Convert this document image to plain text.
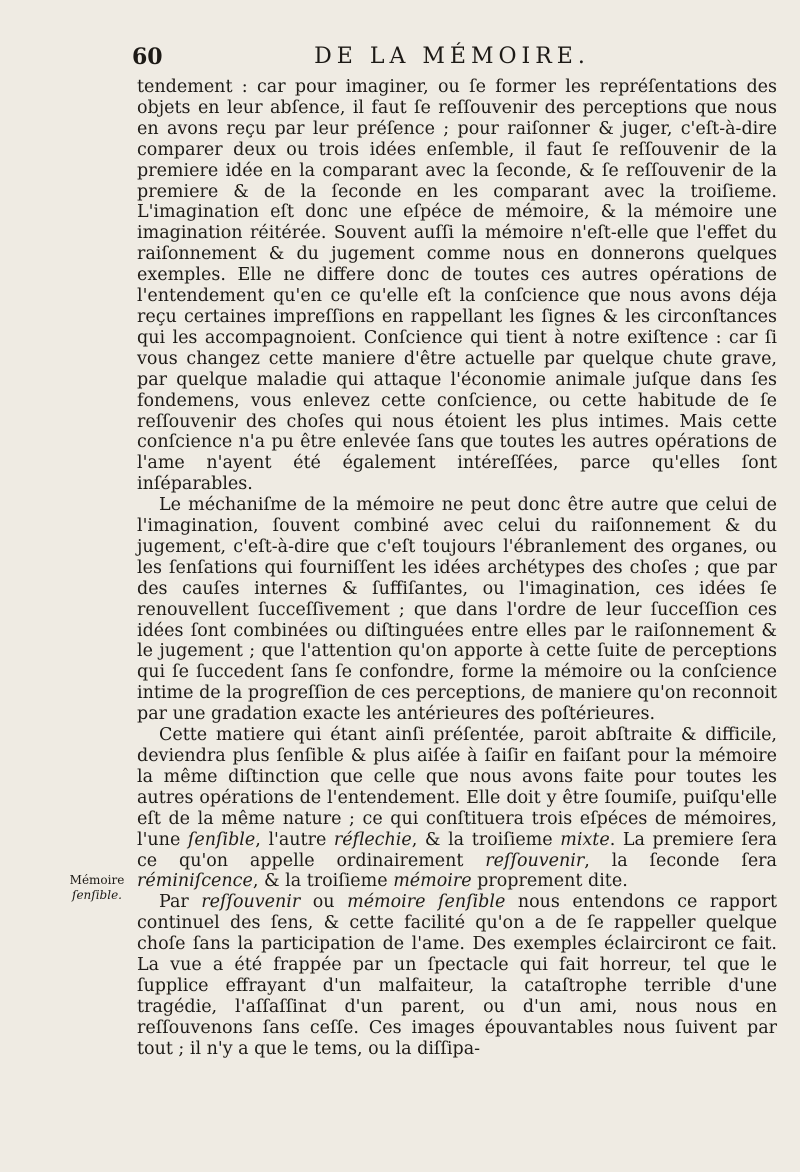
60	DE LA MÉMOIRE.

tendement : car pour imaginer, ou ſe former les repréſentations des objets en leur abſence, il faut ſe reſſouvenir des perceptions que nous en avons reçu par leur préſence ; pour raiſonner & juger, c'eſt-à-dire comparer deux ou trois idées enſemble, il faut ſe reſſouvenir de la premiere idée en la comparant avec la ſeconde, & ſe reſſouvenir de la premiere & de la ſeconde en les comparant avec la troiſieme. L'imagination eſt donc une eſpéce de mémoire, & la mémoire une imagination réitérée. Souvent auſſi la mémoire n'eſt-elle que l'effet du raiſonnement & du jugement comme nous en donnerons quelques exemples. Elle ne differe donc de toutes ces autres opérations de l'entendement qu'en ce qu'elle eſt la conſcience que nous avons déja reçu certaines impreſſions en rappellant les ſignes & les circonſtances qui les accompagnoient. Conſcience qui tient à notre exiſtence : car ſi vous changez cette maniere d'être actuelle par quelque chute grave, par quelque maladie qui attaque l'économie animale juſque dans ſes fondemens, vous enlevez cette conſcience, ou cette habitude de ſe reſſouvenir des choſes qui nous étoient les plus intimes. Mais cette conſcience n'a pu être enlevée ſans que toutes les autres opérations de l'ame n'ayent été également intéreſſées, parce qu'elles ſont inſéparables.

Le méchaniſme de la mémoire ne peut donc être autre que celui de l'imagination, ſouvent combiné avec celui du raiſonnement & du jugement, c'eſt-à-dire que c'eſt toujours l'ébranlement des organes, ou les ſenſations qui fourniſſent les idées archétypes des choſes ; que par des cauſes internes & ſuffiſantes, ou l'imagination, ces idées ſe renouvellent ſucceſſivement ; que dans l'ordre de leur ſucceſſion ces idées ſont combinées ou diſtinguées entre elles par le raiſonnement & le jugement ; que l'attention qu'on apporte à cette ſuite de perceptions qui ſe ſuccedent ſans ſe confondre, forme la mémoire ou la conſcience intime de la progreſſion de ces perceptions, de maniere qu'on reconnoit par une gradation exacte les antérieures des poſtérieures.

Cette matiere qui étant ainſi préſentée, paroit abſtraite & difficile, deviendra plus ſenſible & plus aiſée à ſaiſir en faiſant pour la mémoire la même diſtinction que celle que nous avons faite pour toutes les autres opérations de l'entendement. Elle doit y être ſoumiſe, puiſqu'elle eſt de la même nature ; ce qui conſtituera trois eſpéces de mémoires, l'une ſenſible, l'autre réflechie, & la troiſieme mixte. La premiere ſera ce qu'on appelle ordinairement reſſouvenir, la ſeconde ſera réminiſcence, & la troiſieme mémoire proprement dite.

Par reſſouvenir ou mémoire ſenſible nous entendons ce rapport continuel des ſens, & cette facilité qu'on a de ſe rappeller quelque choſe ſans la participation de l'ame. Des exemples éclairciront ce fait. La vue a été frappée par un ſpectacle qui fait horreur, tel que le ſupplice effrayant d'un malfaiteur, la cataſtrophe terrible d'une tragédie, l'aſſaſſinat d'un parent, ou d'un ami, nous nous en reſſouvenons ſans ceſſe. Ces images épouvantables nous ſuivent par tout ; il n'y a que le tems, ou la diſſipa-

Mémoire
ſenſible.
